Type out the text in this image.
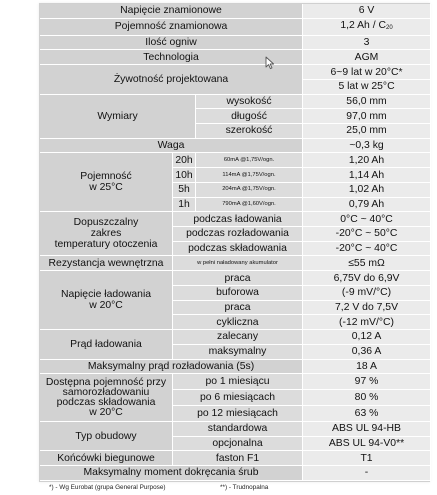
Napięcie znamionowe			6 V
Pojemność znamionowa			1,2 Ah / C20
Ilość ogniw			3
Technologia			AGM
Żywotność projektowana			6~9 lat w 20°C*
			5 lat w 25°C
Wymiary		wysokość	56,0 mm
		długość	97,0 mm
		szerokość	25,0 mm
Waga			~0,3 kg
Pojemność
w 25°C	20h	60mA @1,75V/ogn.	1,20 Ah
	10h	114mA @1,75V/ogn.	1,14 Ah
	5h	204mA @1,75V/ogn.	1,02 Ah
	1h	790mA @1,60V/ogn.	0,79 Ah
Dopuszczalny
zakres
temperatury otoczenia	podczas ładowania		0°C ~ 40°C
	podczas rozładowania		-20°C ~ 50°C
	podczas składowania		-20°C ~ 40°C
Rezystancja wewnętrzna	w pełni naładowany akumulator		≤55 mΩ
Napięcie ładowania
w 20°C	praca		6,75V do 6,9V
	buforowa		(-9 mV/°C)
	praca		7,2 V do 7,5V
	cykliczna		(-12 mV/°C)
Prąd ładowania	zalecany		0,12 A
	maksymalny		0,36 A
Maksymalny prąd rozładowania (5s)			18 A
Dostępna pojemność przy
samorozładowaniu
podczas składowania
w 20°C	po 1 miesiącu		97 %
	po 6 miesiącach		80 %
	po 12 miesiącach		63 %
Typ obudowy	standardowa		ABS UL 94-HB
	opcjonalna		ABS UL 94-V0**
Końcówki biegunowe	faston F1		T1
Maksymalny moment dokręcania śrub			-
*) - Wg Eurobat (grupa General Purpose)	**) - Trudnopalna
